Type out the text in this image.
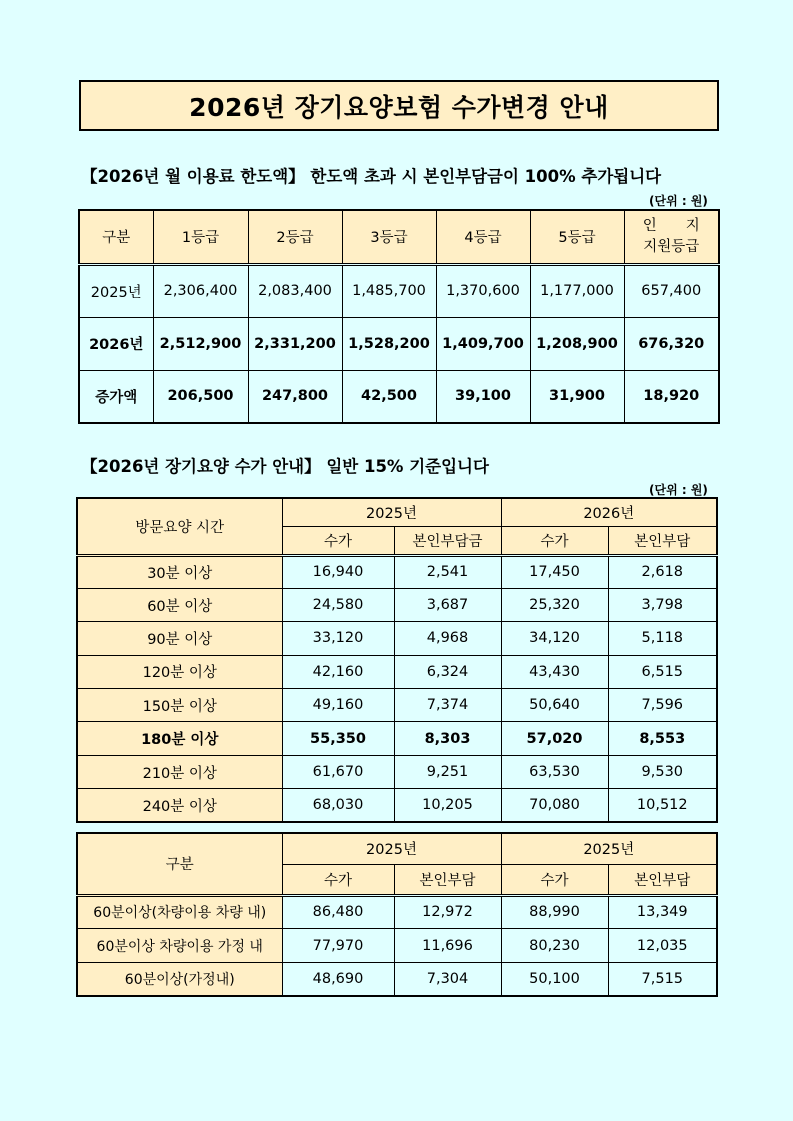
2026년 장기요양보험 수가변경 안내
【2026년 월 이용료 한도액】 한도액 초과 시 본인부담금이 100% 추가됩니다
(단위 : 원)
구분	1등급	2등급	3등급	4등급	5등급	인　　지
지원등급

2025년	2,306,400	2,083,400	1,485,700	1,370,600	1,177,000	657,400
2026년	2,512,900	2,331,200	1,528,200	1,409,700	1,208,900	676,320
증가액	206,500	247,800	42,500	39,100	31,900	18,920
【2026년 장기요양 수가 안내】 일반 15% 기준입니다
(단위 : 원)
방문요양 시간	2025년		2026년	
	수가	본인부담금	수가	본인부담
30분 이상	16,940	2,541	17,450	2,618
60분 이상	24,580	3,687	25,320	3,798
90분 이상	33,120	4,968	34,120	5,118
120분 이상	42,160	6,324	43,430	6,515
150분 이상	49,160	7,374	50,640	7,596
180분 이상	55,350	8,303	57,020	8,553
210분 이상	61,670	9,251	63,530	9,530
240분 이상	68,030	10,205	70,080	10,512
구분	2025년		2025년	
	수가	본인부담	수가	본인부담
60분이상(차량이용 차량 내)	86,480	12,972	88,990	13,349
60분이상 차량이용 가정 내	77,970	11,696	80,230	12,035
60분이상(가정내)	48,690	7,304	50,100	7,515
